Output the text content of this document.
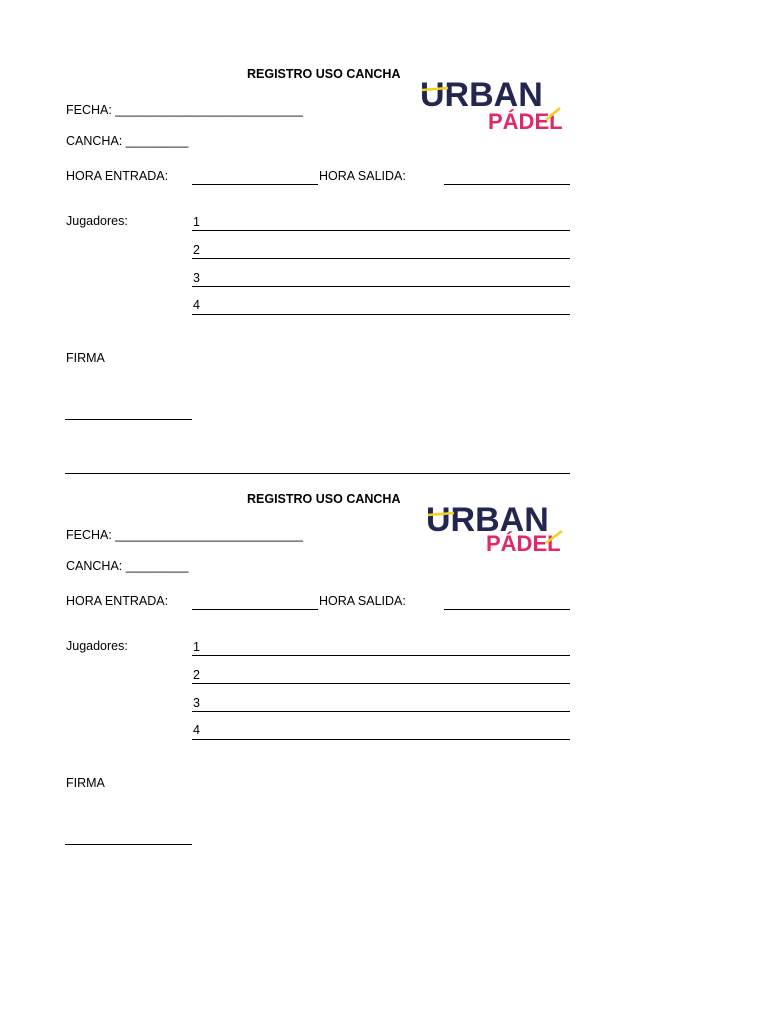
REGISTRO USO CANCHA
URBAN
PÁDEL
FECHA: ___________________________
CANCHA: _________
HORA ENTRADA:	HORA SALIDA:
Jugadores:	1
2
3
4
FIRMA
REGISTRO USO CANCHA
URBAN
PÁDEL
FECHA: ___________________________
CANCHA: _________
HORA ENTRADA:	HORA SALIDA:
Jugadores:	1
2
3
4
FIRMA
